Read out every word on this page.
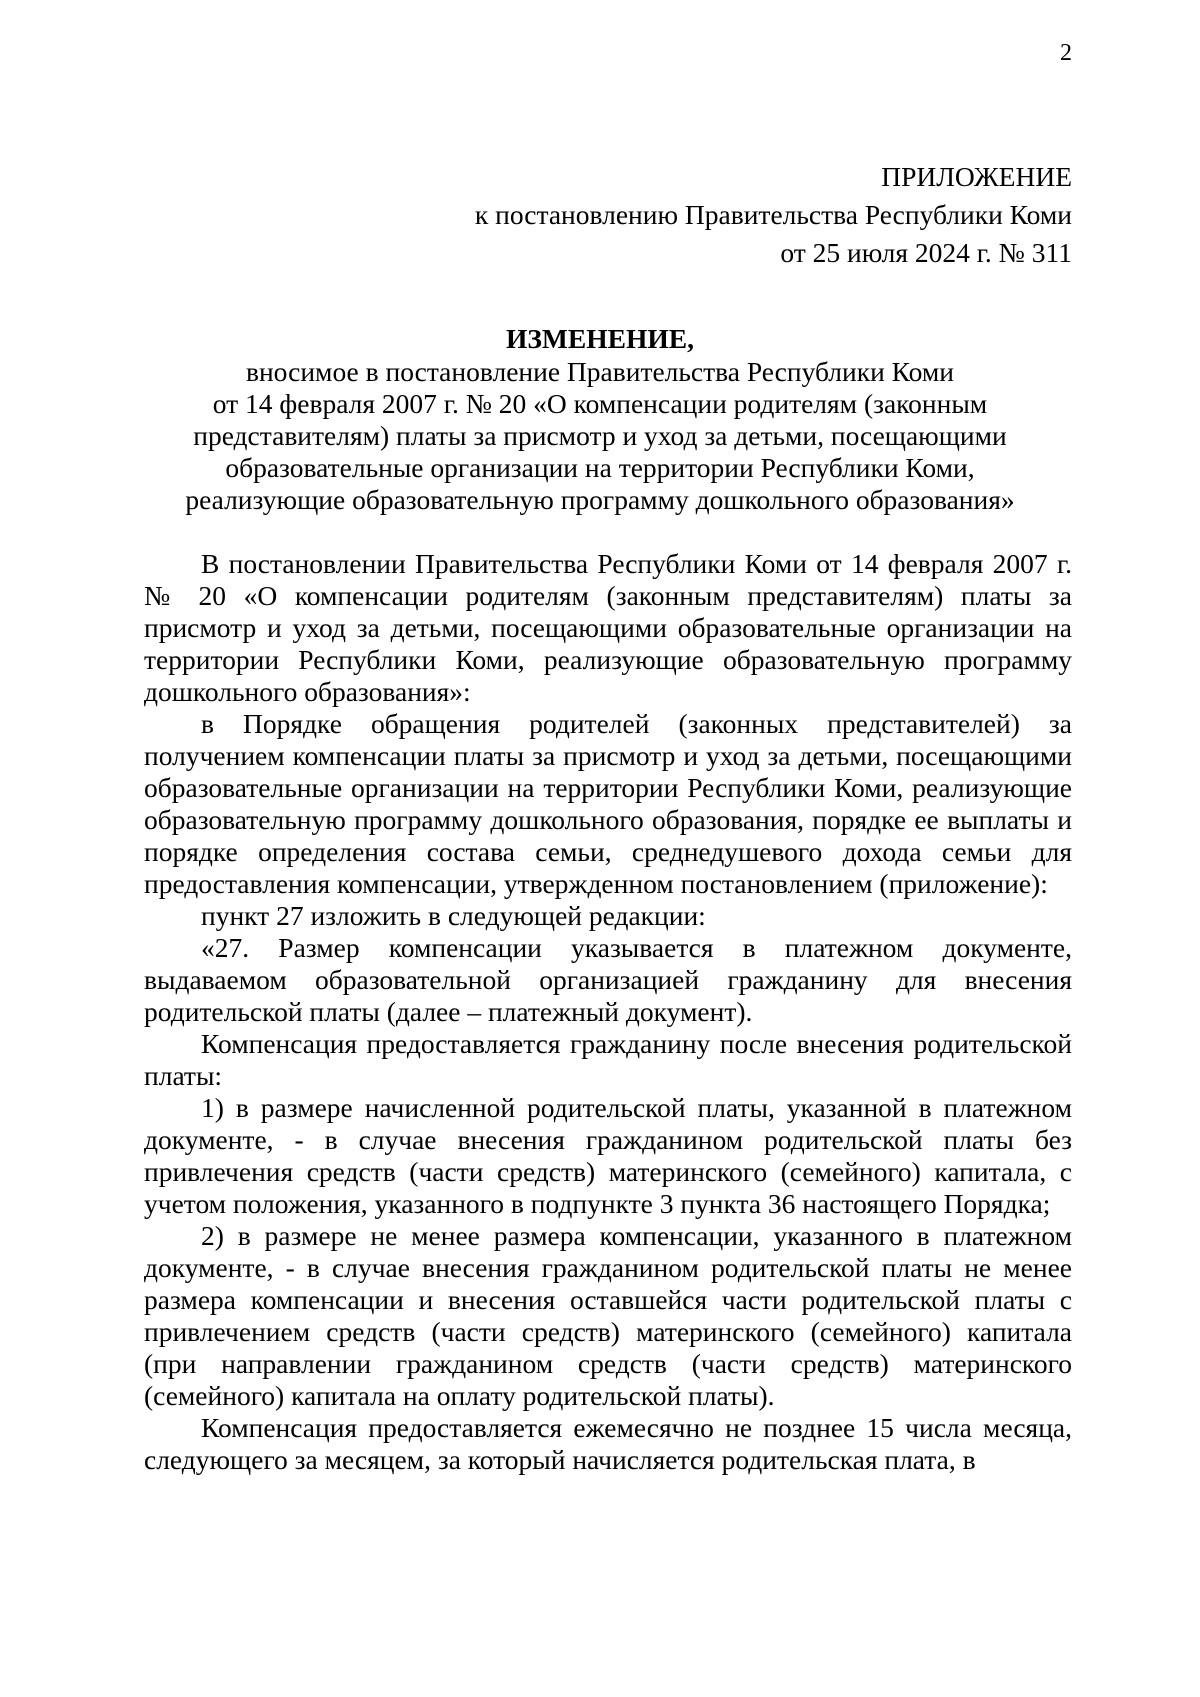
2
ПРИЛОЖЕНИЕ
к постановлению Правительства Республики Коми
от 25 июля 2024 г. № 311
ИЗМЕНЕНИЕ,
вносимое в постановление Правительства Республики Коми
от 14 февраля 2007 г. № 20 «О компенсации родителям (законным
представителям) платы за присмотр и уход за детьми, посещающими
образовательные организации на территории Республики Коми,
реализующие образовательную программу дошкольного образования»

В постановлении Правительства Республики Коми от 14 февраля 2007 г. № 20 «О компенсации родителям (законным представителям) платы за присмотр и уход за детьми, посещающими образовательные организации на территории Республики Коми, реализующие образовательную программу дошкольного образования»:

в Порядке обращения родителей (законных представителей) за получением компенсации платы за присмотр и уход за детьми, посещающими образовательные организации на территории Республики Коми, реализующие образовательную программу дошкольного образования, порядке ее выплаты и порядке определения состава семьи, среднедушевого дохода семьи для предоставления компенсации, утвержденном постановлением (приложение):

пункт 27 изложить в следующей редакции:

«27. Размер компенсации указывается в платежном документе, выдаваемом образовательной организацией гражданину для внесения родительской платы (далее – платежный документ).

Компенсация предоставляется гражданину после внесения родительской платы:

1) в размере начисленной родительской платы, указанной в платежном документе, - в случае внесения гражданином родительской платы без привлечения средств (части средств) материнского (семейного) капитала, с учетом положения, указанного в подпункте 3 пункта 36 настоящего Порядка;

2) в размере не менее размера компенсации, указанного в платежном документе, - в случае внесения гражданином родительской платы не менее размера компенсации и внесения оставшейся части родительской платы с привлечением средств (части средств) материнского (семейного) капитала (при направлении гражданином средств (части средств) материнского (семейного) капитала на оплату родительской платы).

Компенсация предоставляется ежемесячно не позднее 15 числа месяца, следующего за месяцем, за который начисляется родительская плата, в
